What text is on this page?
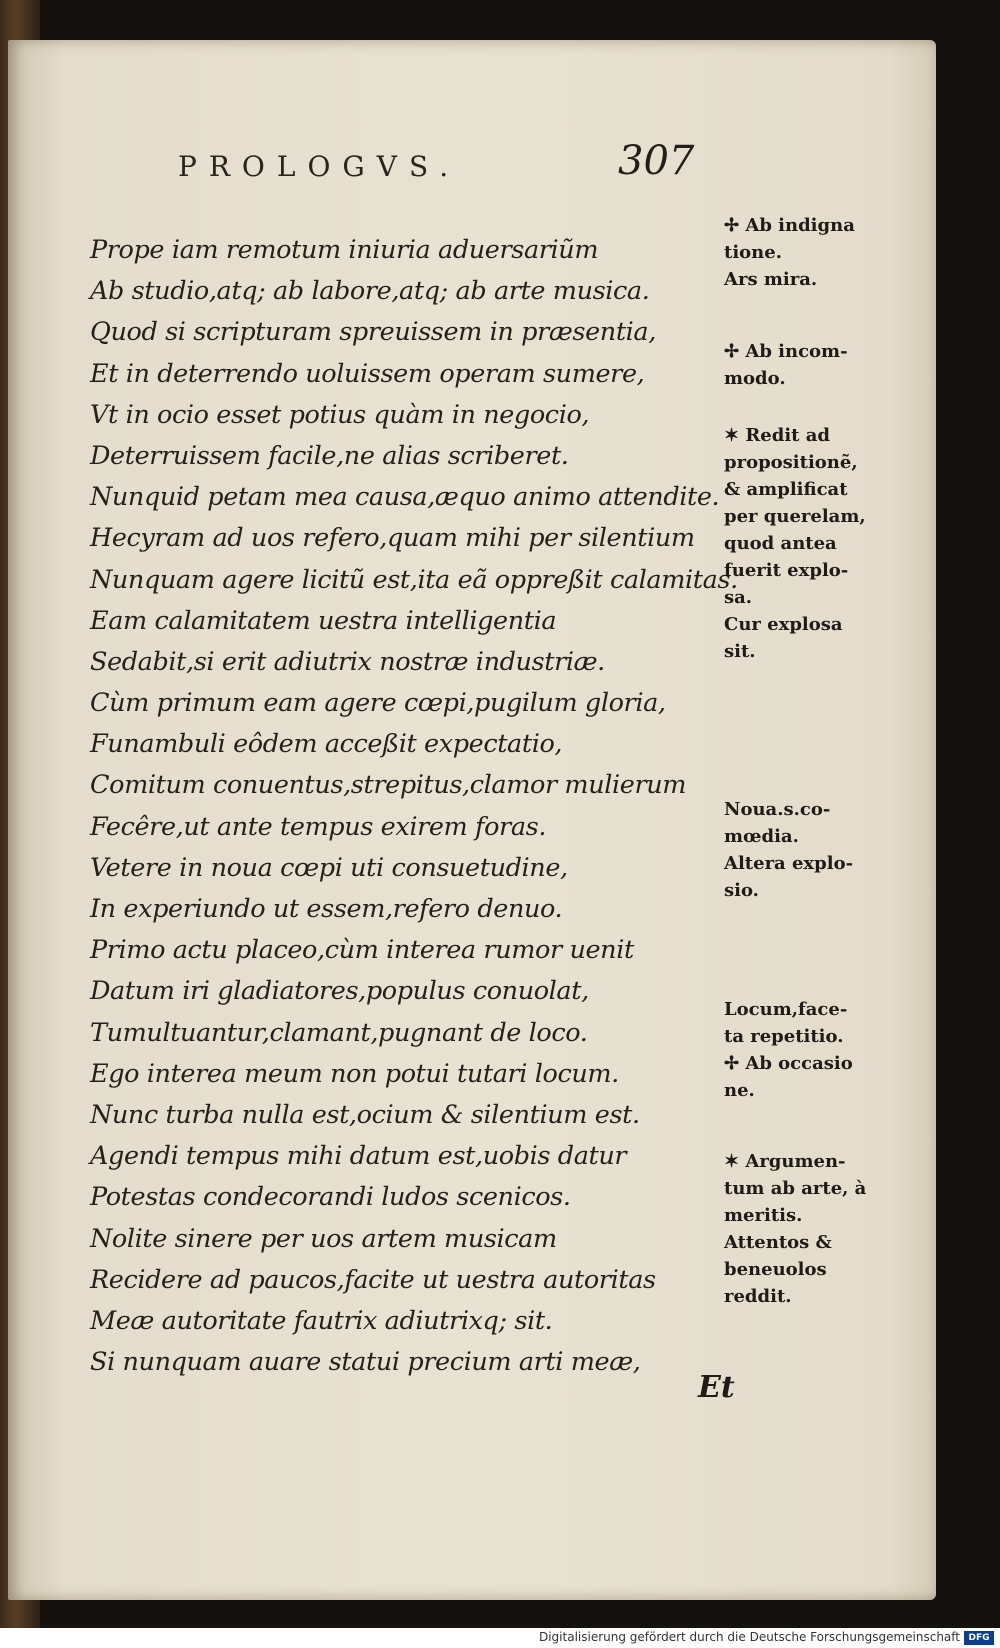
PROLOGVS.	307
Prope iam remotum iniuria aduersariũm
Ab studio,atq; ab labore,atq; ab arte musica.
Quod si scripturam spreuissem in præsentia,
Et in deterrendo uoluissem operam sumere,
Vt in ocio esset potius quàm in negocio,
Deterruissem facile,ne alias scriberet.
Nunquid petam mea causa,æquo animo attendite.
Hecyram ad uos refero,quam mihi per silentium
Nunquam agere licitũ est,ita eã oppreßit calamitas.
Eam calamitatem uestra intelligentia
Sedabit,si erit adiutrix nostræ industriæ.
Cùm primum eam agere cœpi,pugilum gloria,
Funambuli eôdem acceßit expectatio,
Comitum conuentus,strepitus,clamor mulierum
Fecêre,ut ante tempus exirem foras.
Vetere in noua cœpi uti consuetudine,
In experiundo ut essem,refero denuo.
Primo actu placeo,cùm interea rumor uenit
Datum iri gladiatores,populus conuolat,
Tumultuantur,clamant,pugnant de loco.
Ego interea meum non potui tutari locum.
Nunc turba nulla est,ocium & silentium est.
Agendi tempus mihi datum est,uobis datur
Potestas condecorandi ludos scenicos.
Nolite sinere per uos artem musicam
Recidere ad paucos,facite ut uestra autoritas
Meæ autoritate fautrix adiutrixq; sit.
Si nunquam auare statui precium arti meæ,
✢ Ab indigna
tione.
Ars mira.
✢ Ab incom-
modo.
✶ Redit ad
propositionẽ,
& amplificat
per querelam,
quod antea
fuerit explo-
sa.
Cur explosa
sit.
Noua.s.co-
mœdia.
Altera explo-
sio.
Locum,face-
ta repetitio.
✢ Ab occasio
ne.
✶ Argumen-
tum ab arte, à
meritis.
Attentos &
beneuolos
reddit.
Et
Digitalisierung gefördert durch die Deutsche Forschungsgemeinschaft DFG
